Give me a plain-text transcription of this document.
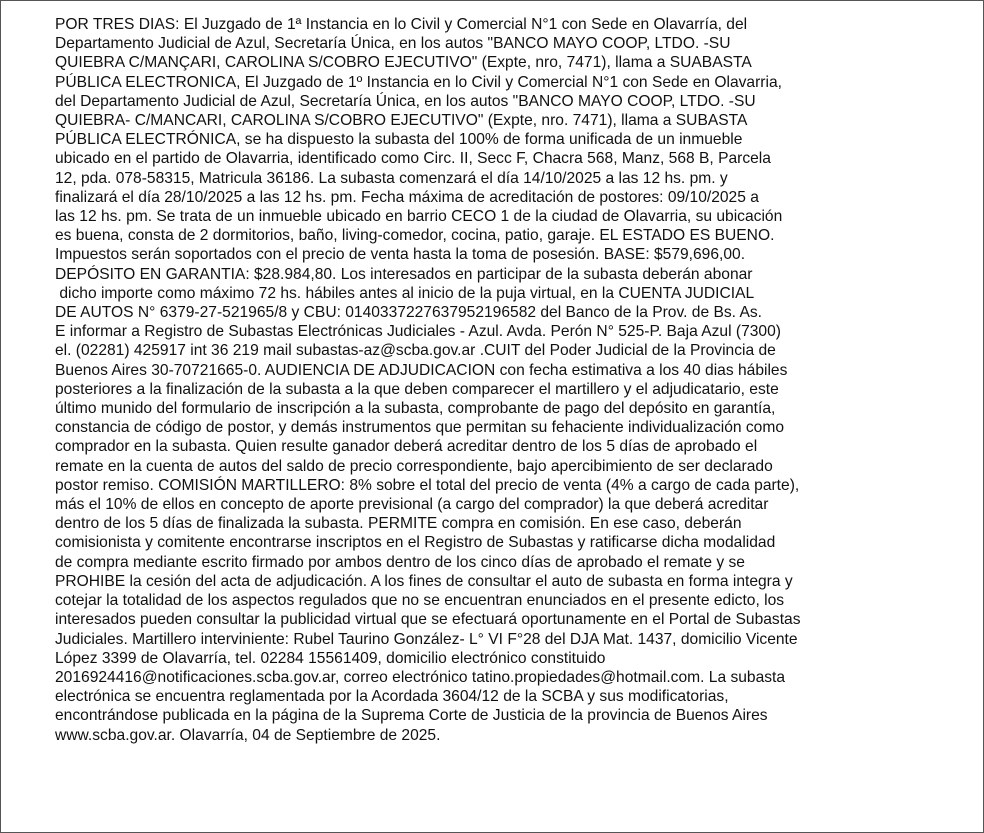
POR TRES DIAS: El Juzgado de 1ª Instancia en lo Civil y Comercial N°1 con Sede en Olavarría, del
Departamento Judicial de Azul, Secretaría Única, en los autos "BANCO MAYO COOP, LTDO. -SU
QUIEBRA C/MANÇARI, CAROLINA S/COBRO EJECUTIVO" (Expte, nro, 7471), llama a SUABASTA
PÚBLICA ELECTRONICA, El Juzgado de 1º Instancia en lo Civil y Comercial N°1 con Sede en Olavarria,
del Departamento Judicial de Azul, Secretaría Única, en los autos "BANCO MAYO COOP, LTDO. -SU
QUIEBRA- C/MANCARI, CAROLINA S/COBRO EJECUTIVO" (Expte, nro. 7471), llama a SUBASTA
PÚBLICA ELECTRÓNICA, se ha dispuesto la subasta del 100% de forma unificada de un inmueble
ubicado en el partido de Olavarria, identificado como Circ. II, Secc F, Chacra 568, Manz, 568 B, Parcela
12, pda. 078-58315, Matricula 36186. La subasta comenzará el día 14/10/2025 a las 12 hs. pm. y
finalizará el día 28/10/2025 a las 12 hs. pm. Fecha máxima de acreditación de postores: 09/10/2025 a
las 12 hs. pm. Se trata de un inmueble ubicado en barrio CECO 1 de la ciudad de Olavarria, su ubicación
es buena, consta de 2 dormitorios, baño, living-comedor, cocina, patio, garaje. EL ESTADO ES BUENO.
Impuestos serán soportados con el precio de venta hasta la toma de posesión. BASE: $579,696,00.
DEPÓSITO EN GARANTIA: $28.984,80. Los interesados en participar de la subasta deberán abonar
dicho importe como máximo 72 hs. hábiles antes al inicio de la puja virtual, en la CUENTA JUDICIAL
DE AUTOS N° 6379-27-521965/8 y CBU: 0140337227637952196582 del Banco de la Prov. de Bs. As.
E informar a Registro de Subastas Electrónicas Judiciales - Azul. Avda. Perón N° 525-P. Baja Azul (7300)
el. (02281) 425917 int 36 219 mail subastas-az@scba.gov.ar .CUIT del Poder Judicial de la Provincia de
Buenos Aires 30-70721665-0. AUDIENCIA DE ADJUDICACION con fecha estimativa a los 40 dias hábiles
posteriores a la finalización de la subasta a la que deben comparecer el martillero y el adjudicatario, este
último munido del formulario de inscripción a la subasta, comprobante de pago del depósito en garantía,
constancia de código de postor, y demás instrumentos que permitan su fehaciente individualización como
comprador en la subasta. Quien resulte ganador deberá acreditar dentro de los 5 días de aprobado el
remate en la cuenta de autos del saldo de precio correspondiente, bajo apercibimiento de ser declarado
postor remiso. COMISIÓN MARTILLERO: 8% sobre el total del precio de venta (4% a cargo de cada parte),
más el 10% de ellos en concepto de aporte previsional (a cargo del comprador) la que deberá acreditar
dentro de los 5 días de finalizada la subasta. PERMITE compra en comisión. En ese caso, deberán
comisionista y comitente encontrarse inscriptos en el Registro de Subastas y ratificarse dicha modalidad
de compra mediante escrito firmado por ambos dentro de los cinco días de aprobado el remate y se
PROHIBE la cesión del acta de adjudicación. A los fines de consultar el auto de subasta en forma integra y
cotejar la totalidad de los aspectos regulados que no se encuentran enunciados en el presente edicto, los
interesados pueden consultar la publicidad virtual que se efectuará oportunamente en el Portal de Subastas
Judiciales. Martillero interviniente: Rubel Taurino González- L° VI F°28 del DJA Mat. 1437, domicilio Vicente
López 3399 de Olavarría, tel. 02284 15561409, domicilio electrónico constituido
2016924416@notificaciones.scba.gov.ar, correo electrónico tatino.propiedades@hotmail.com. La subasta
electrónica se encuentra reglamentada por la Acordada 3604/12 de la SCBA y sus modificatorias,
encontrándose publicada en la página de la Suprema Corte de Justicia de la provincia de Buenos Aires
www.scba.gov.ar. Olavarría, 04 de Septiembre de 2025.
